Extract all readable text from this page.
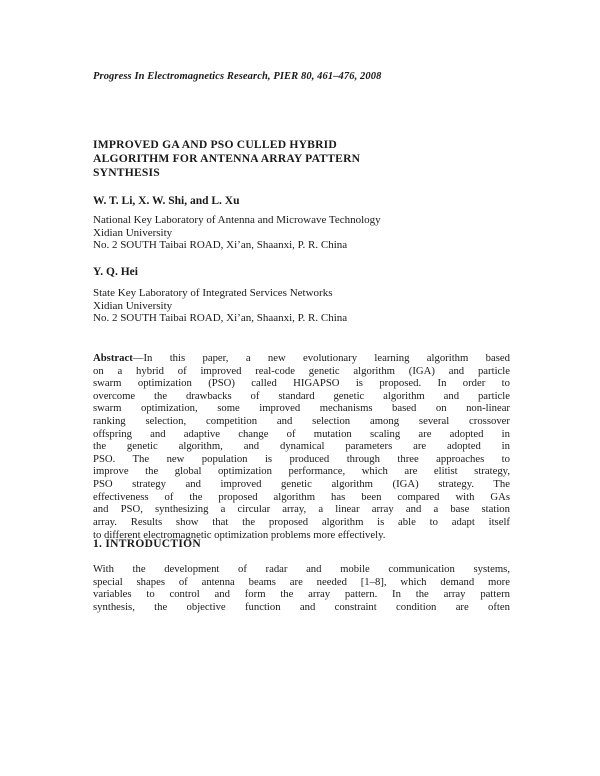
Progress In Electromagnetics Research, PIER 80, 461–476, 2008
IMPROVED GA AND PSO CULLED HYBRID
ALGORITHM FOR ANTENNA ARRAY PATTERN
SYNTHESIS
W. T. Li, X. W. Shi, and L. Xu
National Key Laboratory of Antenna and Microwave Technology
Xidian University
No. 2 SOUTH Taibai ROAD, Xi’an, Shaanxi, P. R. China
Y. Q. Hei
State Key Laboratory of Integrated Services Networks
Xidian University
No. 2 SOUTH Taibai ROAD, Xi’an, Shaanxi, P. R. China
Abstract—In this paper, a new evolutionary learning algorithm based
on a hybrid of improved real-code genetic algorithm (IGA) and particle
swarm optimization (PSO) called HIGAPSO is proposed. In order to
overcome the drawbacks of standard genetic algorithm and particle
swarm optimization, some improved mechanisms based on non-linear
ranking selection, competition and selection among several crossover
offspring and adaptive change of mutation scaling are adopted in
the genetic algorithm, and dynamical parameters are adopted in
PSO. The new population is produced through three approaches to
improve the global optimization performance, which are elitist strategy,
PSO strategy and improved genetic algorithm (IGA) strategy. The
effectiveness of the proposed algorithm has been compared with GAs
and PSO, synthesizing a circular array, a linear array and a base station
array. Results show that the proposed algorithm is able to adapt itself
to different electromagnetic optimization problems more effectively.
1. INTRODUCTION
With the development of radar and mobile communication systems,
special shapes of antenna beams are needed [1–8], which demand more
variables to control and form the array pattern. In the array pattern
synthesis, the objective function and constraint condition are often
